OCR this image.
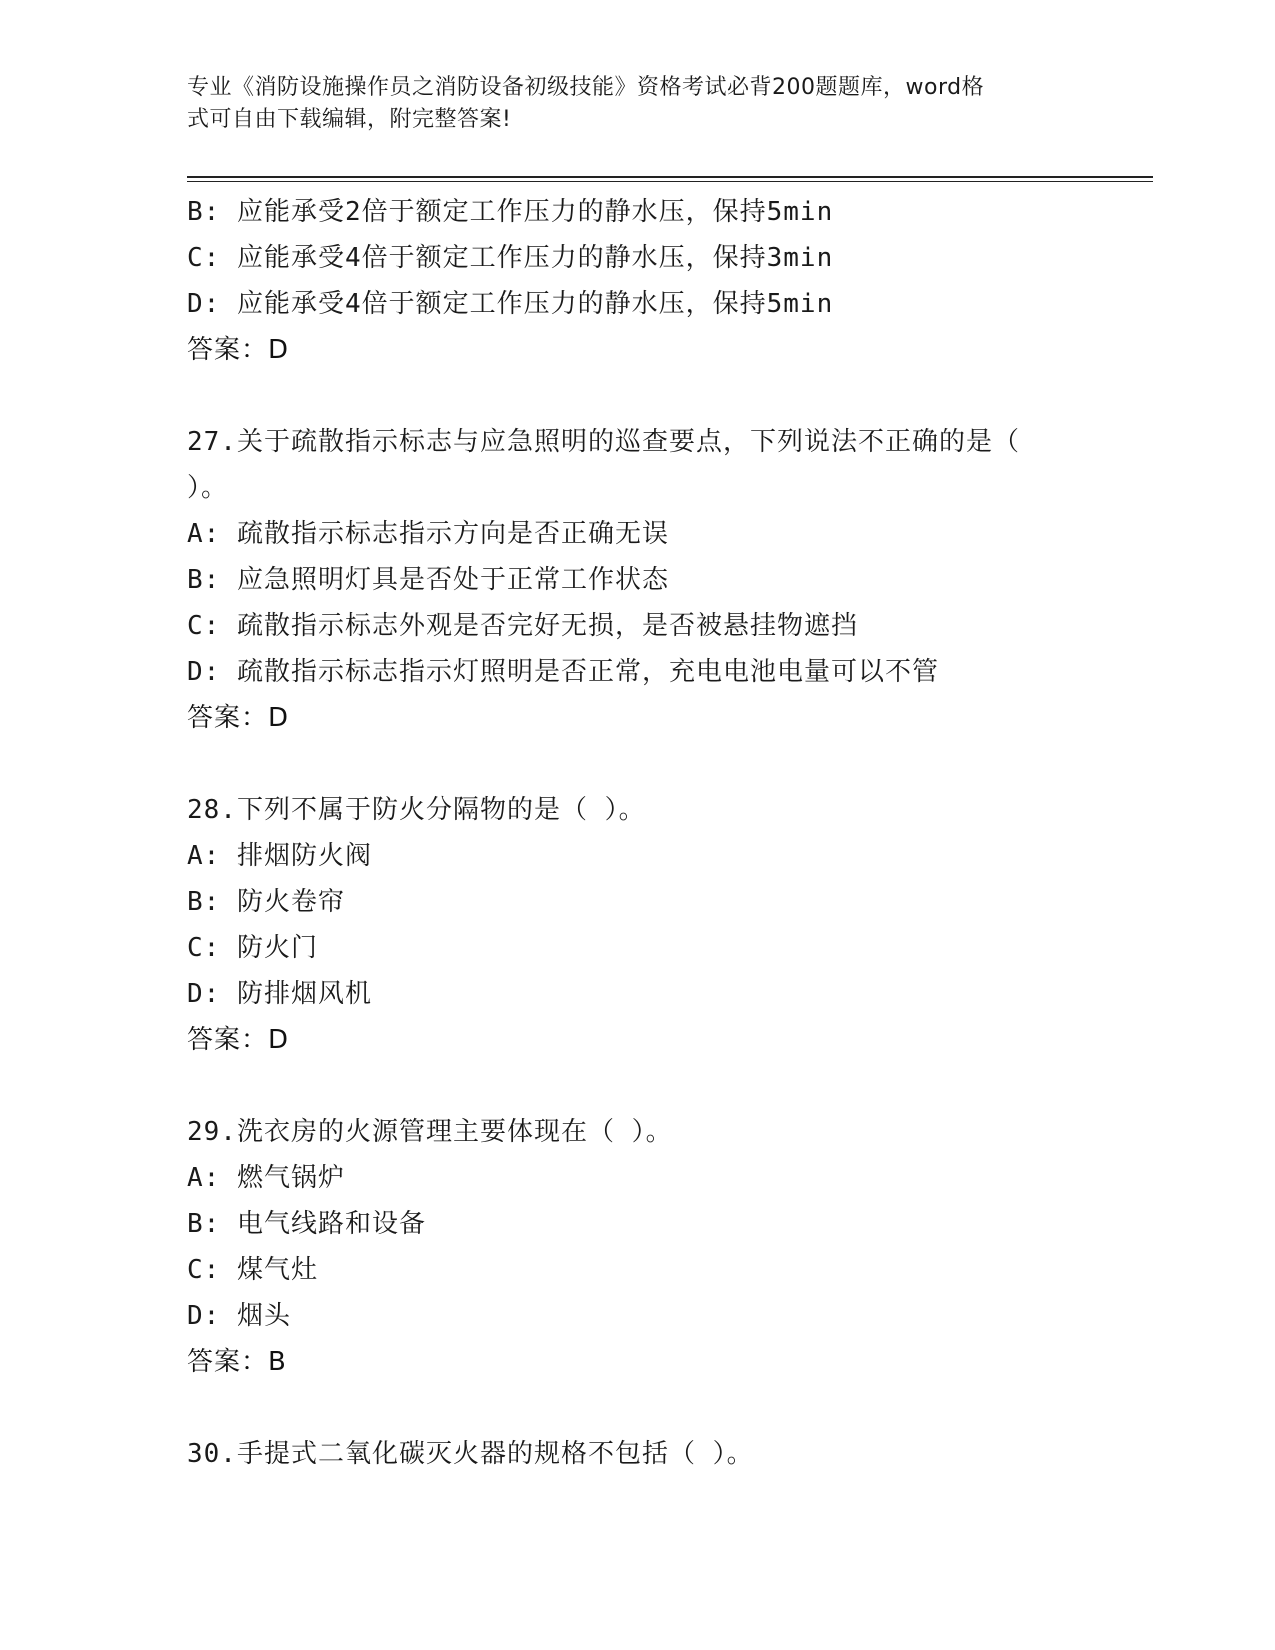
专业《消防设施操作员之消防设备初级技能》资格考试必背200题题库，word格
式可自由下载编辑，附完整答案!
B: 应能承受2倍于额定工作压力的静水压，保持5min
C: 应能承受4倍于额定工作压力的静水压，保持3min
D: 应能承受4倍于额定工作压力的静水压，保持5min
答案：D
27.关于疏散指示标志与应急照明的巡查要点，下列说法不正确的是（
）。
A: 疏散指示标志指示方向是否正确无误
B: 应急照明灯具是否处于正常工作状态
C: 疏散指示标志外观是否完好无损，是否被悬挂物遮挡
D: 疏散指示标志指示灯照明是否正常，充电电池电量可以不管
答案：D
28.下列不属于防火分隔物的是（ ）。
A: 排烟防火阀
B: 防火卷帘
C: 防火门
D: 防排烟风机
答案：D
29.洗衣房的火源管理主要体现在（ ）。
A: 燃气锅炉
B: 电气线路和设备
C: 煤气灶
D: 烟头
答案：B
30.手提式二氧化碳灭火器的规格不包括（ ）。
